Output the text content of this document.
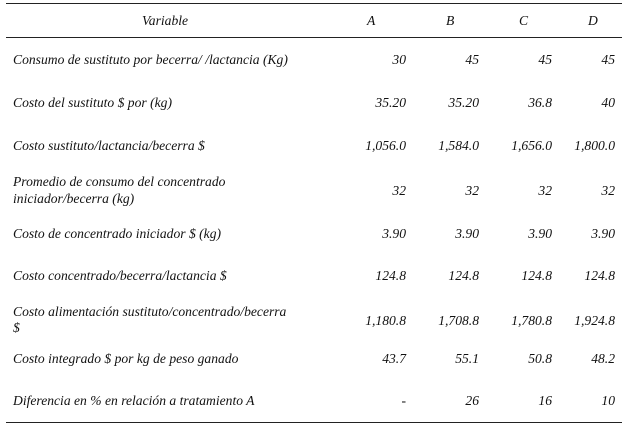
Variable	A	B	C	D
Consumo de sustituto por becerra/ /lactancia (Kg)	30	45	45	45
Costo del sustituto $ por (kg)	35.20	35.20	36.8	40
Costo sustituto/lactancia/becerra $	1,056.0 1,584.0 1,656.0 1,800.0
Promedio de consumo del concentrado
iniciador/becerra (kg)
32	32	32	32
Costo de concentrado iniciador $ (kg)	3.90	3.90	3.90	3.90
Costo concentrado/becerra/lactancia $	124.8	124.8	124.8 124.8
Costo alimentación sustituto/concentrado/becerra
$	1,180.8 1,708.8 1,780.8 1,924.8
Costo integrado $ por kg de peso ganado	43.7	55.1	50.8	48.2
Diferencia en % en relación a tratamiento A	-	26	16	10
